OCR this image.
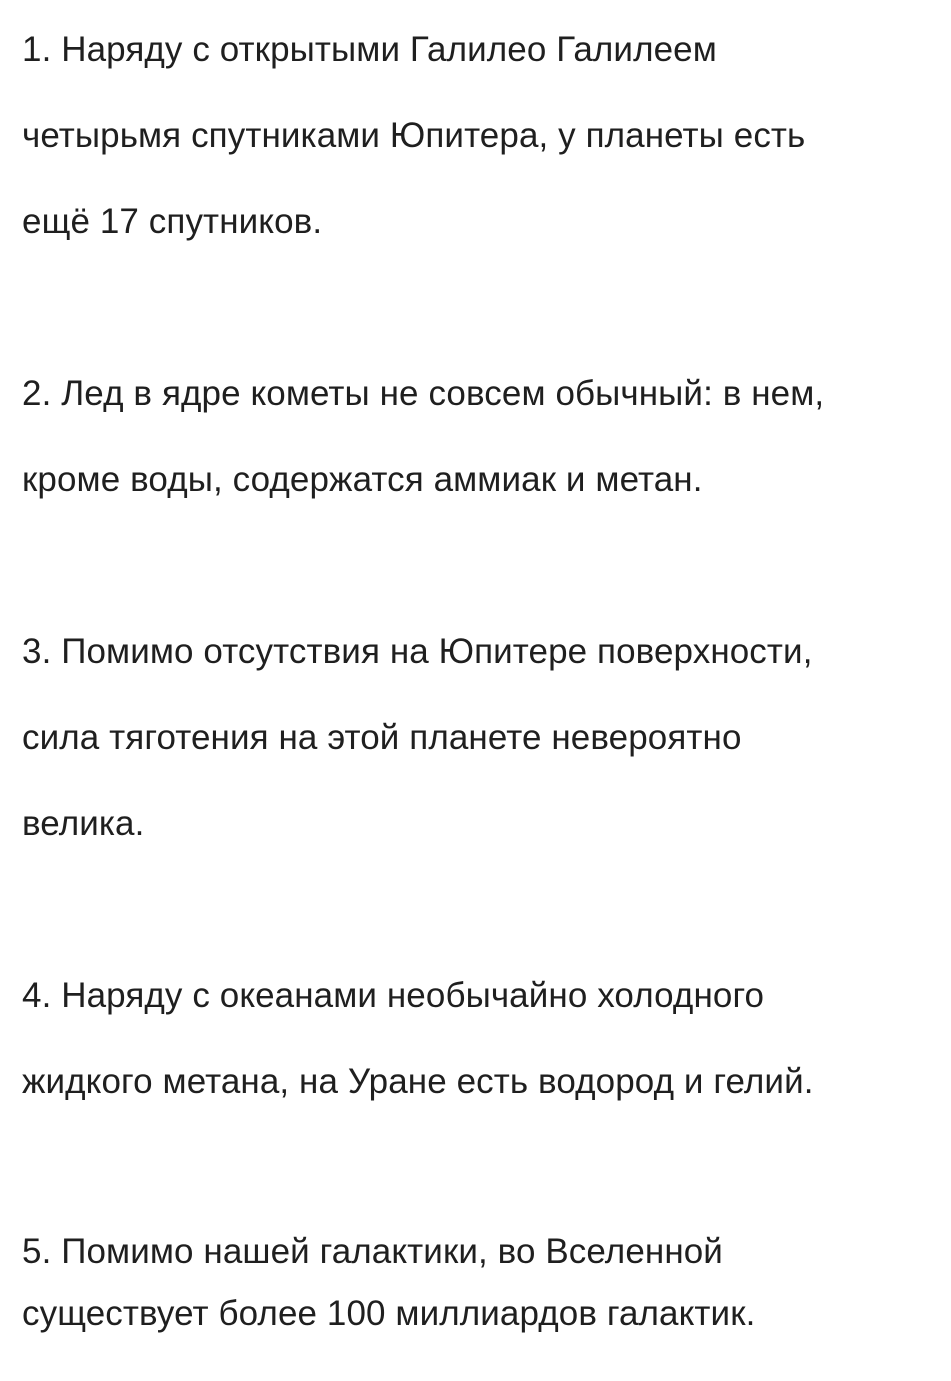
1. Наряду с открытыми Галилео Галилеем

четырьмя спутниками Юпитера, у планеты есть

ещё 17 спутников.

2. Лед в ядре кометы не совсем обычный: в нем,

кроме воды, содержатся аммиак и метан.

3. Помимо отсутствия на Юпитере поверхности,

сила тяготения на этой планете невероятно

велика.

4. Наряду с океанами необычайно холодного

жидкого метана, на Уране есть водород и гелий.

5. Помимо нашей галактики, во Вселенной

существует более 100 миллиардов галактик.
